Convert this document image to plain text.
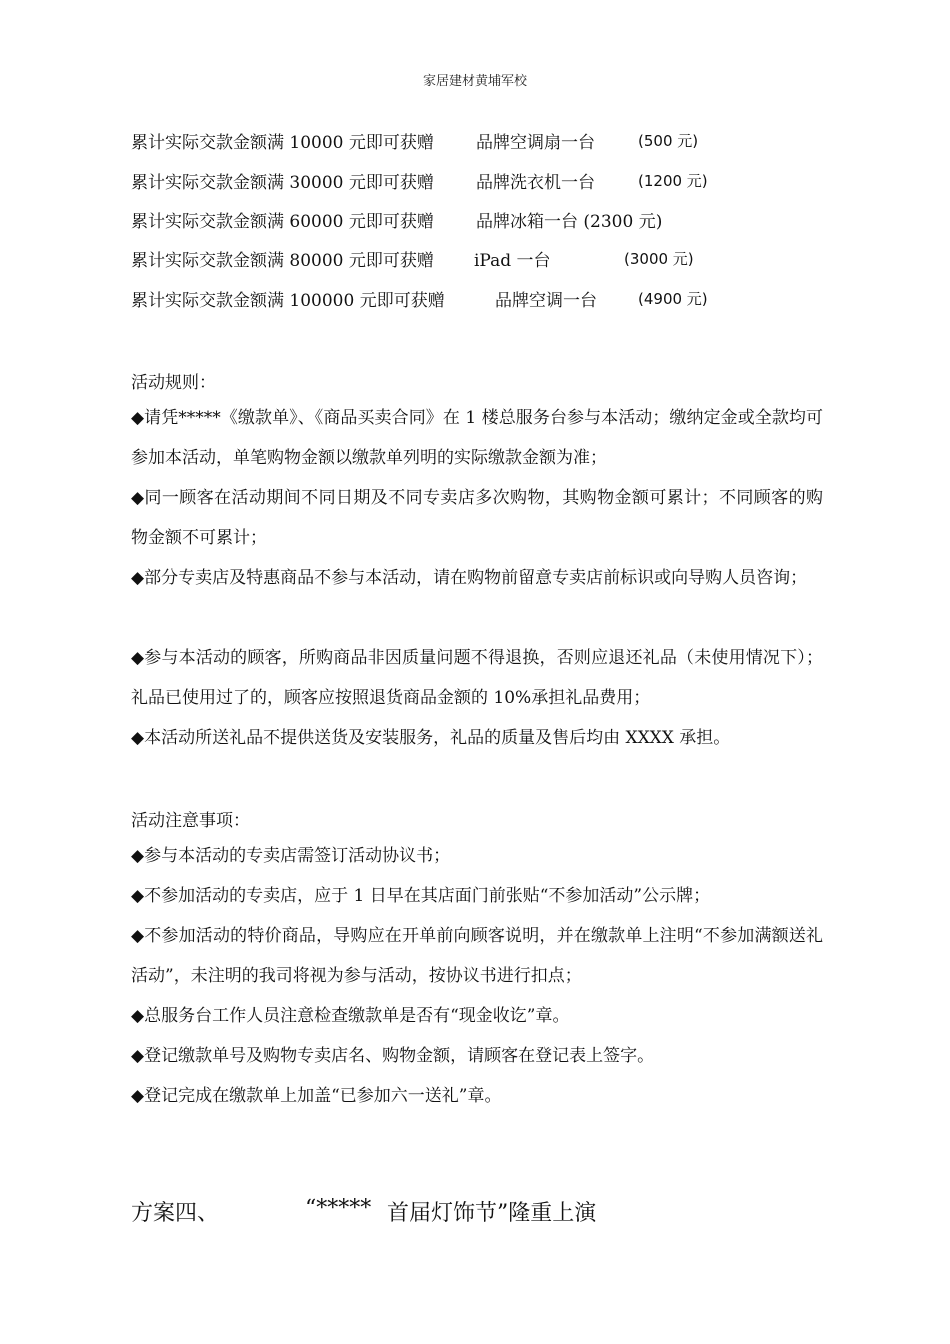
家居建材黄埔军校
累计实际交款金额满 10000 元即可获赠 品牌空调扇一台	(500 元)
累计实际交款金额满 30000 元即可获赠 品牌洗衣机一台	(1200 元)
累计实际交款金额满 60000 元即可获赠 品牌冰箱一台 (2300 元)
累计实际交款金额满 80000 元即可获赠 iPad 一台	(3000 元)
累计实际交款金额满 100000 元即可获赠	品牌空调一台	(4900 元)
活动规则：
◆请凭*****《缴款单》、《商品买卖合同》在 1 楼总服务台参与本活动；缴纳定金或全款均可参加本活动，单笔购物金额以缴款单列明的实际缴款金额为准；
◆同一顾客在活动期间不同日期及不同专卖店多次购物，其购物金额可累计；不同顾客的购物金额不可累计；
◆部分专卖店及特惠商品不参与本活动，请在购物前留意专卖店前标识或向导购人员咨询；
◆参与本活动的顾客，所购商品非因质量问题不得退换，否则应退还礼品（未使用情况下）；礼品已使用过了的，顾客应按照退货商品金额的 10%承担礼品费用；
◆本活动所送礼品不提供送货及安装服务，礼品的质量及售后均由 XXXX 承担。
活动注意事项：
◆参与本活动的专卖店需签订活动协议书；
◆不参加活动的专卖店，应于 1 日早在其店面门前张贴“不参加活动”公示牌；
◆不参加活动的特价商品，导购应在开单前向顾客说明，并在缴款单上注明“不参加满额送礼活动”，未注明的我司将视为参与活动，按协议书进行扣点；
◆总服务台工作人员注意检查缴款单是否有“现金收讫”章。
◆登记缴款单号及购物专卖店名、购物金额，请顾客在登记表上签字。
◆登记完成在缴款单上加盖“已参加六一送礼”章。
方案四、	“***** 首届灯饰节”隆重上演
